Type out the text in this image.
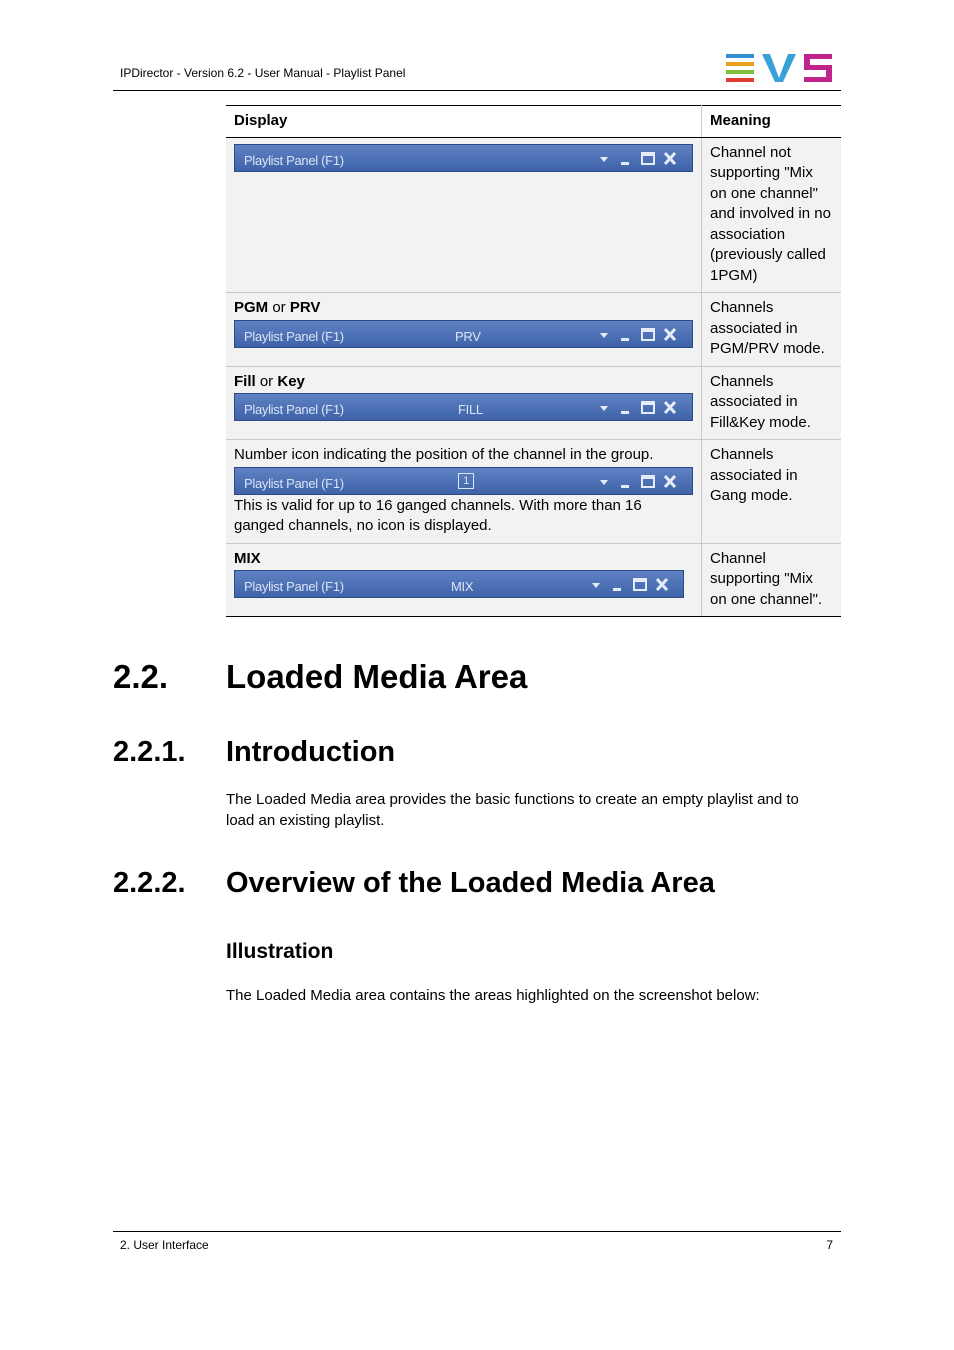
IPDirector - Version 6.2 - User Manual - Playlist Panel
Display	Meaning

Playlist Panel (F1)	Channel not supporting "Mix on one channel" and involved in no association (previously called 1PGM)

PGM or PRV
Playlist Panel (F1) PRV	Channels associated in PGM/PRV mode.

Fill or Key
Playlist Panel (F1) FILL	Channels associated in Fill&Key mode.

Number icon indicating the position of the channel in the group.
Playlist Panel (F1) 1
This is valid for up to 16 ganged channels. With more than 16 ganged channels, no icon is displayed.	Channels associated in Gang mode.

MIX
Playlist Panel (F1) MIX	Channel supporting "Mix on one channel".
2.2. Loaded Media Area
2.2.1. Introduction
The Loaded Media area provides the basic functions to create an empty playlist and to load an existing playlist.
2.2.2. Overview of the Loaded Media Area
Illustration
The Loaded Media area contains the areas highlighted on the screenshot below:
2. User Interface	7
